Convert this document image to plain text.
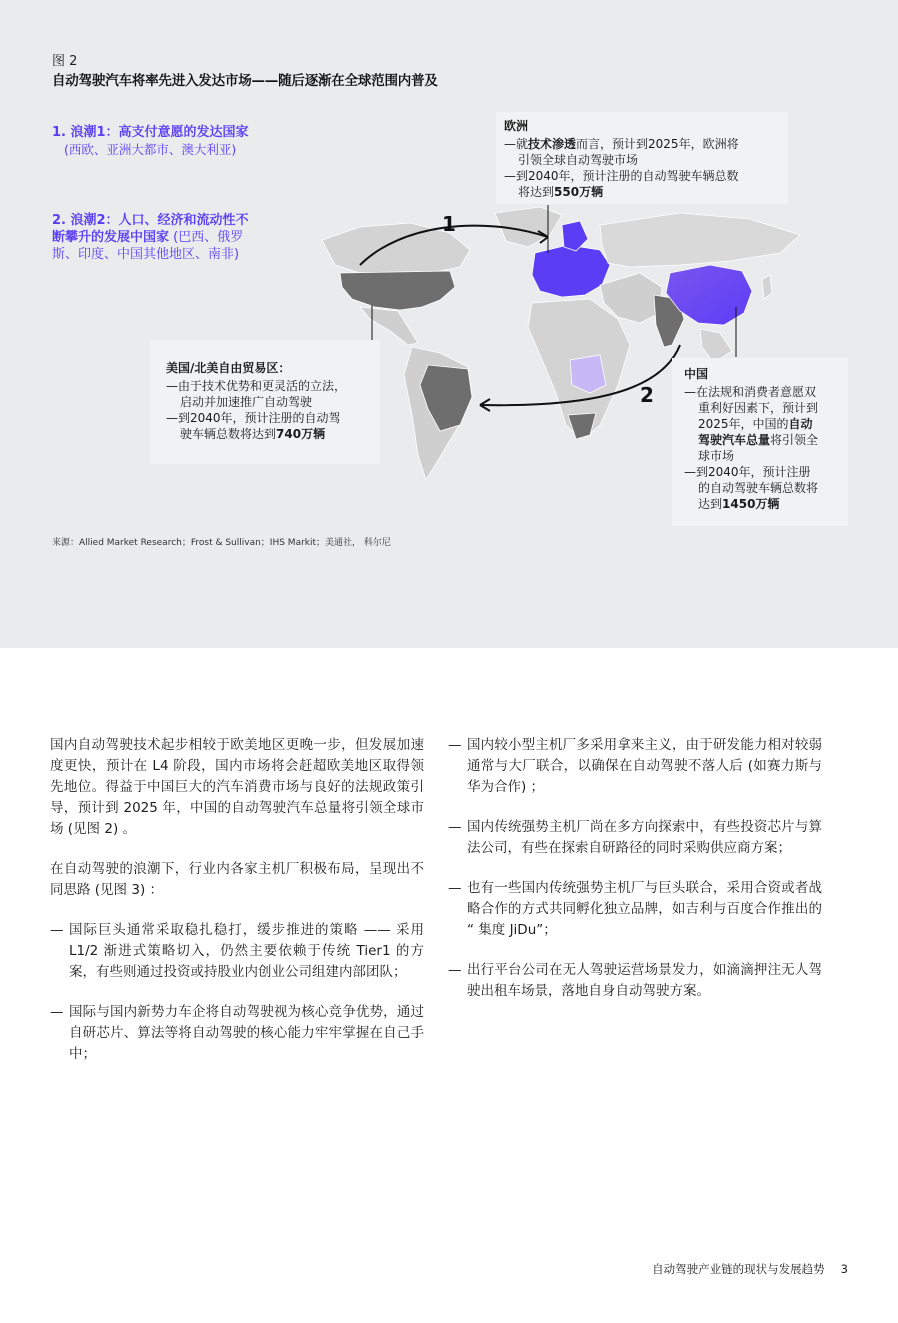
图 2
自动驾驶汽车将率先进入发达市场——随后逐渐在全球范围内普及
1. 浪潮1：高支付意愿的发达国家
(西欧、亚洲大都市、澳大利亚)
2. 浪潮2：人口、经济和流动性不
断攀升的发展中国家 (巴西、俄罗
斯、印度、中国其他地区、南非)
1
2
欧洲
—就技术渗透而言，预计到2025年，欧洲将
引领全球自动驾驶市场
—到2040年，预计注册的自动驾驶车辆总数
将达到550万辆
美国/北美自由贸易区：
—由于技术优势和更灵活的立法，
启动并加速推广自动驾驶
—到2040年，预计注册的自动驾
驶车辆总数将达到740万辆
中国
—在法规和消费者意愿双
重利好因素下，预计到
2025年，中国的自动
驾驶汽车总量将引领全
球市场
—到2040年，预计注册
的自动驾驶车辆总数将
达到1450万辆
来源：Allied Market Research；Frost & Sullivan；IHS Markit；美通社， 科尔尼

国内自动驾驶技术起步相较于欧美地区更晚一步，但发展加速度更快，预计在 L4 阶段，国内市场将会赶超欧美地区取得领先地位。得益于中国巨大的汽车消费市场与良好的法规政策引导，预计到 2025 年，中国的自动驾驶汽车总量将引领全球市场 (见图 2) 。

在自动驾驶的浪潮下，行业内各家主机厂积极布局，呈现出不同思路 (见图 3) ：

— 国际巨头通常采取稳扎稳打，缓步推进的策略 —— 采用 L1/2 渐进式策略切入，仍然主要依赖于传统 Tier1 的方案，有些则通过投资或持股业内创业公司组建内部团队；
— 国际与国内新势力车企将自动驾驶视为核心竞争优势，通过自研芯片、算法等将自动驾驶的核心能力牢牢掌握在自己手中；
— 国内较小型主机厂多采用拿来主义，由于研发能力相对较弱通常与大厂联合，以确保在自动驾驶不落人后 (如赛力斯与华为合作) ；
— 国内传统强势主机厂尚在多方向探索中，有些投资芯片与算法公司，有些在探索自研路径的同时采购供应商方案；
— 也有一些国内传统强势主机厂与巨头联合，采用合资或者战略合作的方式共同孵化独立品牌，如吉利与百度合作推出的 “ 集度 JiDu”；
— 出行平台公司在无人驾驶运营场景发力，如滴滴押注无人驾驶出租车场景，落地自身自动驾驶方案。
自动驾驶产业链的现状与发展趋势 3
